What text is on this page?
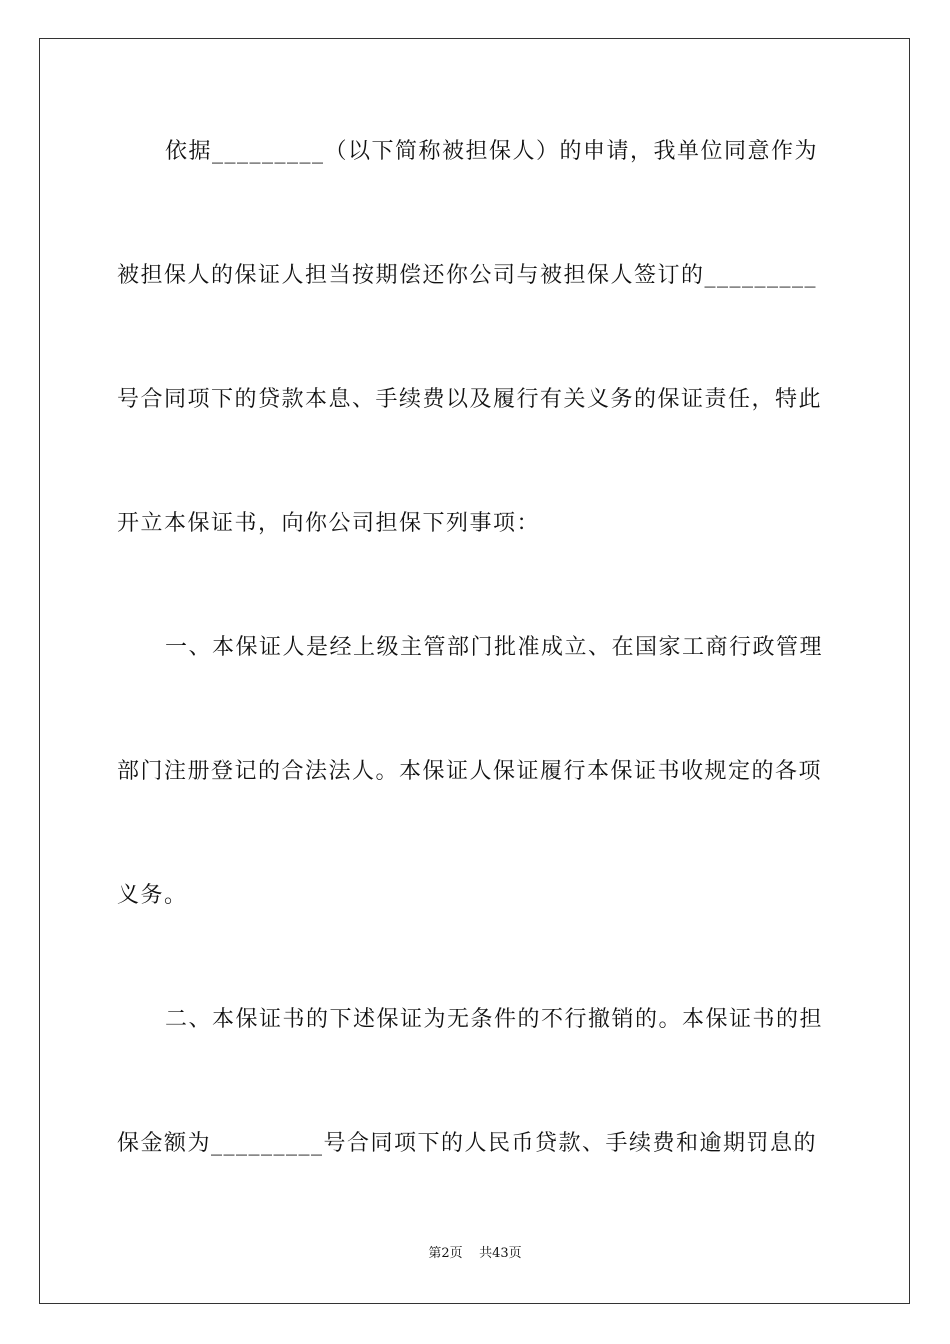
依据_________（以下简称被担保人）的申请，我单位同意作为
被担保人的保证人担当按期偿还你公司与被担保人签订的_________
号合同项下的贷款本息、手续费以及履行有关义务的保证责任，特此
开立本保证书，向你公司担保下列事项：
一、本保证人是经上级主管部门批准成立、在国家工商行政管理
部门注册登记的合法法人。本保证人保证履行本保证书收规定的各项
义务。
二、本保证书的下述保证为无条件的不行撤销的。本保证书的担
保金额为_________号合同项下的人民币贷款、手续费和逾期罚息的
第2页 共43页
